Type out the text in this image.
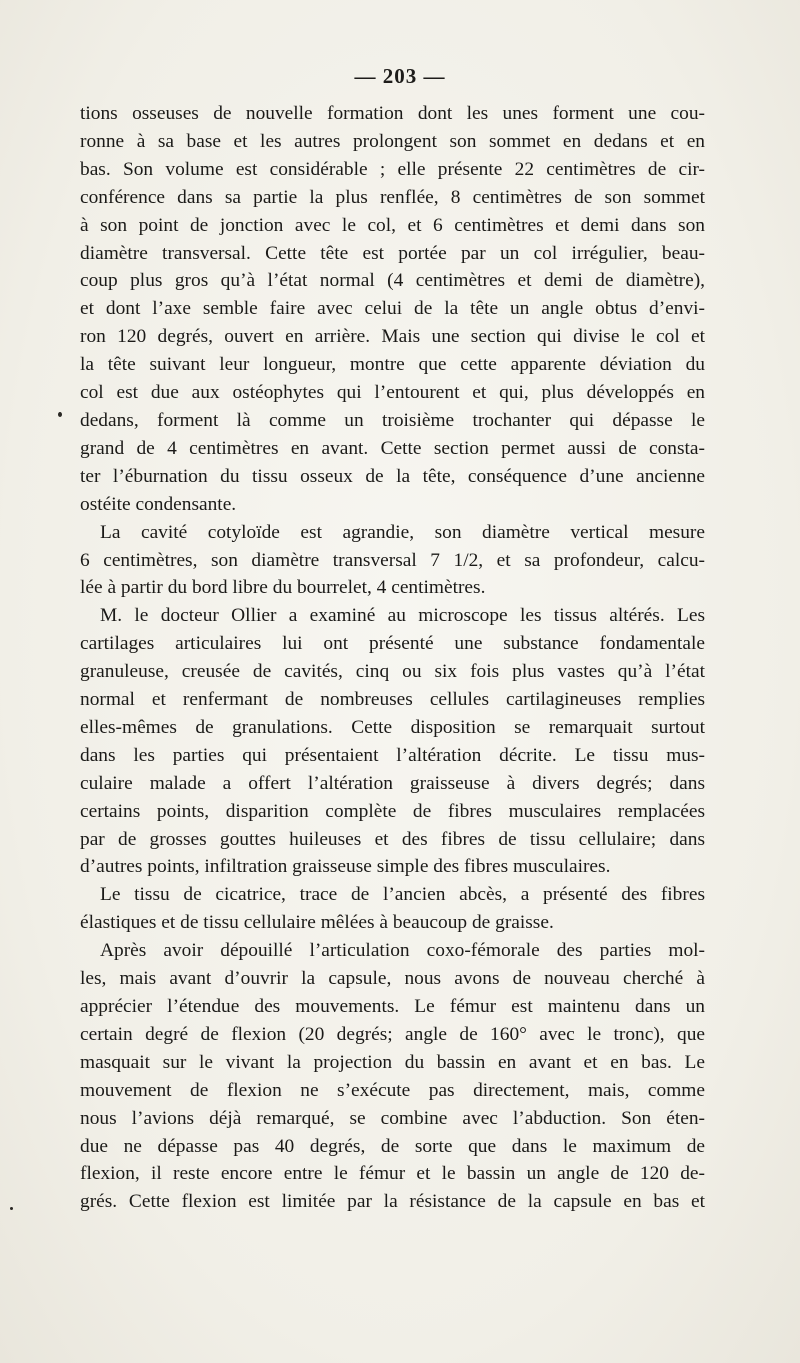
— 203 —
tions osseuses de nouvelle formation dont les unes forment une cou-
ronne à sa base et les autres prolongent son sommet en dedans et en
bas. Son volume est considérable ; elle présente 22 centimètres de cir-
conférence dans sa partie la plus renflée, 8 centimètres de son sommet
à son point de jonction avec le col, et 6 centimètres et demi dans son
diamètre transversal. Cette tête est portée par un col irrégulier, beau-
coup plus gros qu’à l’état normal (4 centimètres et demi de diamètre),
et dont l’axe semble faire avec celui de la tête un angle obtus d’envi-
ron 120 degrés, ouvert en arrière. Mais une section qui divise le col et
la tête suivant leur longueur, montre que cette apparente déviation du
col est due aux ostéophytes qui l’entourent et qui, plus développés en
dedans, forment là comme un troisième trochanter qui dépasse le
grand de 4 centimètres en avant. Cette section permet aussi de consta-
ter l’éburnation du tissu osseux de la tête, conséquence d’une ancienne
ostéite condensante.
La cavité cotyloïde est agrandie, son diamètre vertical mesure
6 centimètres, son diamètre transversal 7 1/2, et sa profondeur, calcu-
lée à partir du bord libre du bourrelet, 4 centimètres.
M. le docteur Ollier a examiné au microscope les tissus altérés. Les
cartilages articulaires lui ont présenté une substance fondamentale
granuleuse, creusée de cavités, cinq ou six fois plus vastes qu’à l’état
normal et renfermant de nombreuses cellules cartilagineuses remplies
elles-mêmes de granulations. Cette disposition se remarquait surtout
dans les parties qui présentaient l’altération décrite. Le tissu mus-
culaire malade a offert l’altération graisseuse à divers degrés; dans
certains points, disparition complète de fibres musculaires remplacées
par de grosses gouttes huileuses et des fibres de tissu cellulaire; dans
d’autres points, infiltration graisseuse simple des fibres musculaires.
Le tissu de cicatrice, trace de l’ancien abcès, a présenté des fibres
élastiques et de tissu cellulaire mêlées à beaucoup de graisse.
Après avoir dépouillé l’articulation coxo-fémorale des parties mol-
les, mais avant d’ouvrir la capsule, nous avons de nouveau cherché à
apprécier l’étendue des mouvements. Le fémur est maintenu dans un
certain degré de flexion (20 degrés; angle de 160° avec le tronc), que
masquait sur le vivant la projection du bassin en avant et en bas. Le
mouvement de flexion ne s’exécute pas directement, mais, comme
nous l’avions déjà remarqué, se combine avec l’abduction. Son éten-
due ne dépasse pas 40 degrés, de sorte que dans le maximum de
flexion, il reste encore entre le fémur et le bassin un angle de 120 de-
grés. Cette flexion est limitée par la résistance de la capsule en bas et
